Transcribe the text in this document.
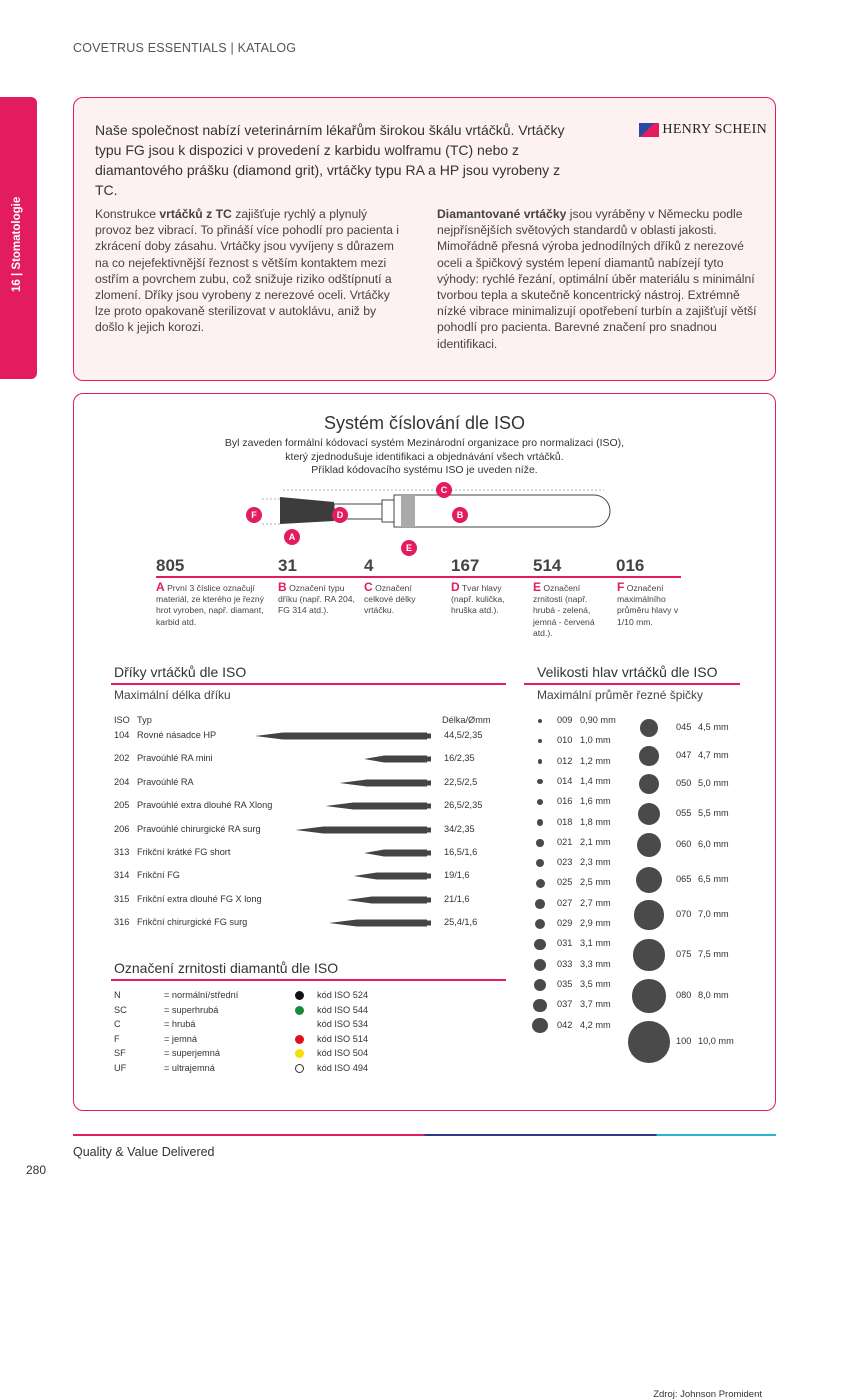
COVETRUS ESSENTIALS | KATALOG
16 | Stomatologie
Naše společnost nabízí veterinárním lékařům širokou škálu vrtáčků. Vrtáčky typu FG jsou k dispozici v provedení z karbidu wolframu (TC) nebo z diamantového prášku (diamond grit), vrtáčky typu RA a HP jsou vyrobeny z TC.
HENRY SCHEIN
Konstrukce vrtáčků z TC zajišťuje rychlý a plynulý provoz bez vibrací. To přináší více pohodlí pro pacienta i zkrácení doby zásahu. Vrtáčky jsou vyvíjeny s důrazem na co nejefektivnější řeznost s větším kontaktem mezi ostřím a povrchem zubu, což snižuje riziko odštípnutí a zlomení. Dříky jsou vyrobeny z nerezové oceli. Vrtáčky lze proto opakovaně sterilizovat v autoklávu, aniž by došlo k jejich korozi.
Diamantované vrtáčky jsou vyráběny v Německu podle nejpřísnějších světových standardů v oblasti jakosti. Mimořádně přesná výroba jednodílných dříků z nerezové oceli a špičkový systém lepení diamantů nabízejí tyto výhody: rychlé řezání, optimální úběr materiálu s minimální tvorbou tepla a skutečně koncentrický nástroj. Extrémně nízké vibrace minimalizují opotřebení turbín a zajišťují větší pohodlí pro pacienta. Barevné značení pro snadnou identifikaci.
Systém číslování dle ISO
Byl zaveden formální kódovací systém Mezinárodní organizace pro normalizaci (ISO),
který zjednodušuje identifikaci a objednávání všech vrtáčků.
Příklad kódovacího systému ISO je uveden níže.
C
F	D	B
A
E
805	31	4	167	514	016
A První 3 číslice označují materiál, ze kterého je řezný hrot vyroben, např. diamant, karbid atd.
B Označení typu dříku (např. RA 204, FG 314 atd.).
C Označení celkové délky vrtáčku.
D Tvar hlavy (např. kulička, hruška atd.).
E Označení zrnitosti (např. hrubá - zelená, jemná - červená atd.).
F Označení maximálního průměru hlavy v 1/10 mm.
Dříky vrtáčků dle ISO
Maximální délka dříku
ISO Typ	Délka/Ømm
104 Rovné násadce HP	44,5/2,35
202 Pravoúhlé RA mini	16/2,35
204 Pravoúhlé RA	22,5/2,5
205 Pravoúhlé extra dlouhé RA Xlong	26,5/2,35
206 Pravoúhlé chirurgické RA surg	34/2,35
313 Frikční krátké FG short	16,5/1,6
314 Frikční FG	19/1,6
315 Frikční extra dlouhé FG X long	21/1,6
316 Frikční chirurgické FG surg	25,4/1,6
Označení zrnitosti diamantů dle ISO
N	= normální/střední	kód ISO 524
SC	= superhrubá	kód ISO 544
C	= hrubá	kód ISO 534
F	= jemná	kód ISO 514
SF	= superjemná	kód ISO 504
UF	= ultrajemná	kód ISO 494
Velikosti hlav vrtáčků dle ISO
Maximální průměr řezné špičky
009 0,90 mm
010 1,0 mm
012 1,2 mm
014 1,4 mm
016 1,6 mm
018 1,8 mm
021 2,1 mm
023 2,3 mm
025 2,5 mm
027 2,7 mm
029 2,9 mm
031 3,1 mm
033 3,3 mm
035 3,5 mm
037 3,7 mm
042 4,2 mm
045 4,5 mm
047 4,7 mm
050 5,0 mm
055 5,5 mm
060 6,0 mm
065 6,5 mm
070 7,0 mm
075 7,5 mm
080 8,0 mm
100 10,0 mm
Zdroj: Johnson Promident
Quality & Value Delivered
280
